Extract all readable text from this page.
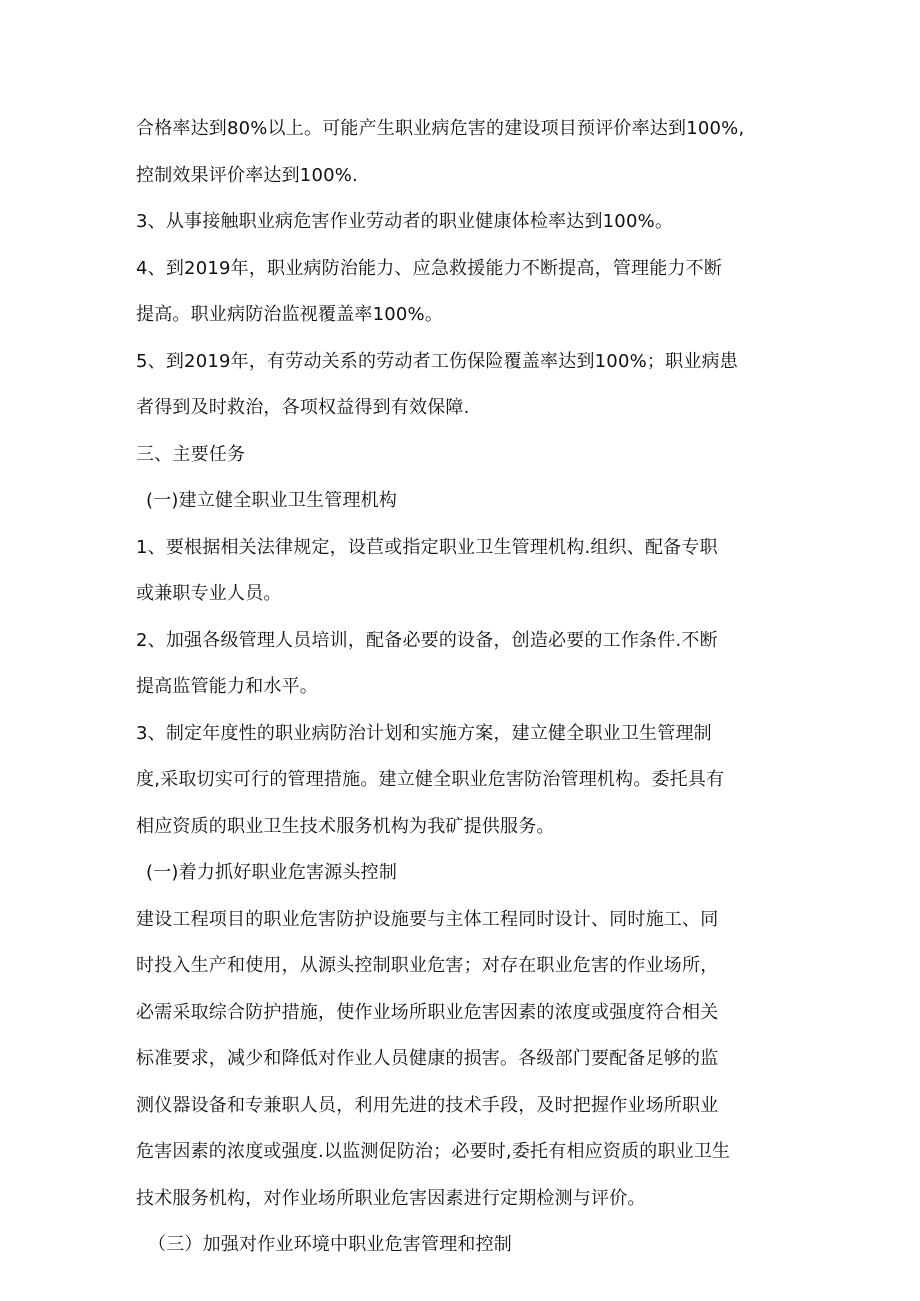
合格率达到80%以上。可能产生职业病危害的建设项目预评价率达到100%,
控制效果评价率达到100%.
3、从事接触职业病危害作业劳动者的职业健康体检率达到100%。
4、到2019年，职业病防治能力、应急救援能力不断提高，管理能力不断
提高。职业病防治监视覆盖率100%。
5、到2019年，有劳动关系的劳动者工伤保险覆盖率达到100%；职业病患
者得到及时救治，各项权益得到有效保障.
三、主要任务
(一)建立健全职业卫生管理机构
1、要根据相关法律规定，设苣或指定职业卫生管理机构.组织、配备专职
或兼职专业人员。
2、加强各级管理人员培训，配备必要的设备，创造必要的工作条件.不断
提高监管能力和水平。
3、制定年度性的职业病防治计划和实施方案，建立健全职业卫生管理制
度,采取切实可行的管理措施。建立健全职业危害防治管理机构。委托具有
相应资质的职业卫生技术服务机构为我矿提供服务。
(一)着力抓好职业危害源头控制
建设工程项目的职业危害防护设施要与主体工程同时设计、同时施工、同
时投入生产和使用，从源头控制职业危害；对存在职业危害的作业场所，
必需采取综合防护措施，使作业场所职业危害因素的浓度或强度符合相关
标准要求，减少和降低对作业人员健康的损害。各级部门要配备足够的监
测仪器设备和专兼职人员，利用先进的技术手段，及时把握作业场所职业
危害因素的浓度或强度.以监测促防治；必要时,委托有相应资质的职业卫生
技术服务机构，对作业场所职业危害因素进行定期检测与评价。
（三）加强对作业环境中职业危害管理和控制
